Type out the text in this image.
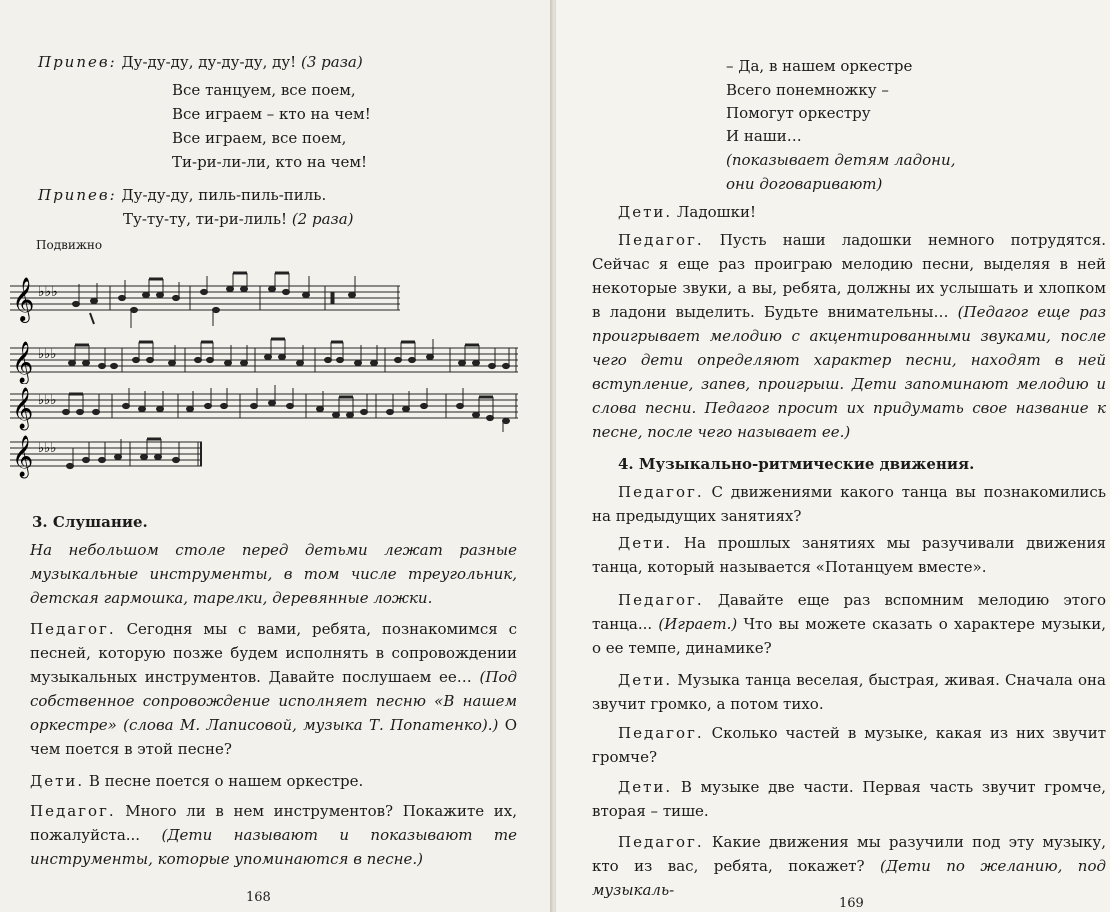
Припев: Ду-ду-ду, ду-ду-ду, ду! (3 раза)
Все танцуем, все поем,
Все играем – кто на чем!
Все играем, все поем,
Ти-ри-ли-ли, кто на чем!
Припев: Ду-ду-ду, пиль-пиль-пиль.
Ту-ту-ту, ти-ри-лиль! (2 раза)
Подвижно
𝄞 ♭♭♭
𝄞 ♭♭♭
𝄞 ♭♭♭
𝄞 ♭♭♭
3. Слушание.
На небольшом столе перед детьми лежат разные музыкальные инструменты, в том числе треугольник, детская гармошка, тарелки, деревянные ложки.
Педагог. Сегодня мы с вами, ребята, познакомимся с песней, которую позже будем исполнять в сопровождении музыкальных инструментов. Давайте послушаем ее… (Под собственное сопровождение исполняет песню «В нашем оркестре» (слова М. Лаписовой, музыка Т. Попатенко).) О чем поется в этой песне?
Дети. В песне поется о нашем оркестре.
Педагог. Много ли в нем инструментов? Покажите их, пожалуйста... (Дети называют и показывают те инструменты, которые упоминаются в песне.)
168
– Да, в нашем оркестре
Всего понемножку –
Помогут оркестру
И наши…
(показывает детям ладони,
они договаривают)
Дети. Ладошки!
Педагог. Пусть наши ладошки немного потрудятся. Сейчас я еще раз проиграю мелодию песни, выделяя в ней некоторые звуки, а вы, ребята, должны их услышать и хлопком в ладони выделить. Будьте внимательны… (Педагог еще раз проигрывает мелодию с акцентированными звуками, после чего дети определяют характер песни, находят в ней вступление, запев, проигрыш. Дети запоминают мелодию и слова песни. Педагог просит их придумать свое название к песне, после чего называет ее.)
4. Музыкально-ритмические движения.
Педагог. С движениями какого танца вы познакомились на предыдущих занятиях?
Дети. На прошлых занятиях мы разучивали движения танца, который называется «Потанцуем вместе».
Педагог. Давайте еще раз вспомним мелодию этого танца... (Играет.) Что вы можете сказать о характере музыки, о ее темпе, динамике?
Дети. Музыка танца веселая, быстрая, живая. Сначала она звучит громко, а потом тихо.
Педагог. Сколько частей в музыке, какая из них звучит громче?
Дети. В музыке две части. Первая часть звучит громче, вторая – тише.
Педагог. Какие движения мы разучили под эту музыку, кто из вас, ребята, покажет? (Дети по желанию, под музыкаль-
169
